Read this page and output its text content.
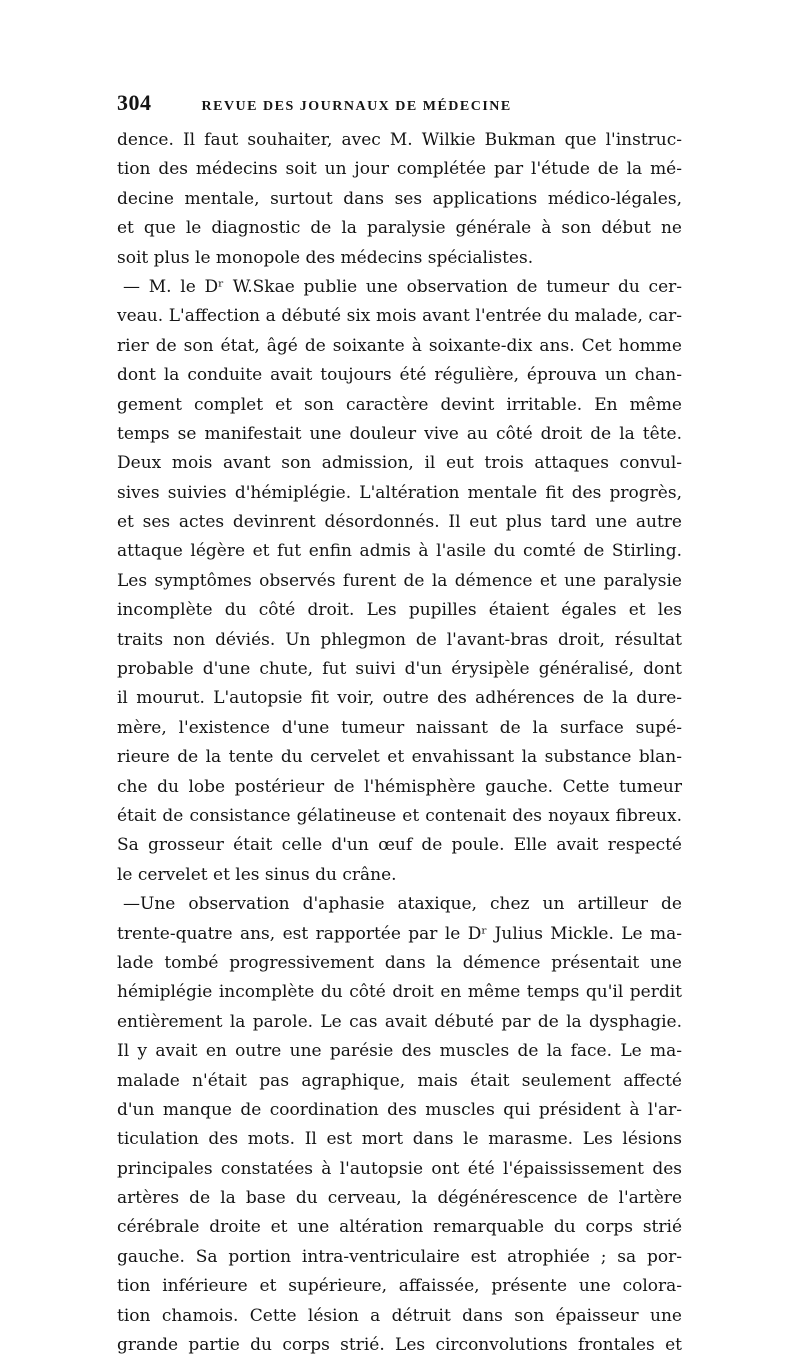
304	REVUE DES JOURNAUX DE MÉDECINE
dence. Il faut souhaiter, avec M. Wilkie Bukman que l'instruc-
tion des médecins soit un jour complétée par l'étude de la mé-
decine mentale, surtout dans ses applications médico-légales,
et que le diagnostic de la paralysie générale à son début ne
soit plus le monopole des médecins spécialistes.
— M. le Dʳ W.Skae publie une observation de tumeur du cer-
veau. L'affection a débuté six mois avant l'entrée du malade, car-
rier de son état, âgé de soixante à soixante-dix ans. Cet homme
dont la conduite avait toujours été régulière, éprouva un chan-
gement complet et son caractère devint irritable. En même
temps se manifestait une douleur vive au côté droit de la tête.
Deux mois avant son admission, il eut trois attaques convul-
sives suivies d'hémiplégie. L'altération mentale fit des progrès,
et ses actes devinrent désordonnés. Il eut plus tard une autre
attaque légère et fut enfin admis à l'asile du comté de Stirling.
Les symptômes observés furent de la démence et une paralysie
incomplète du côté droit. Les pupilles étaient égales et les
traits non déviés. Un phlegmon de l'avant-bras droit, résultat
probable d'une chute, fut suivi d'un érysipèle généralisé, dont
il mourut. L'autopsie fit voir, outre des adhérences de la dure-
mère, l'existence d'une tumeur naissant de la surface supé-
rieure de la tente du cervelet et envahissant la substance blan-
che du lobe postérieur de l'hémisphère gauche. Cette tumeur
était de consistance gélatineuse et contenait des noyaux fibreux.
Sa grosseur était celle d'un œuf de poule. Elle avait respecté
le cervelet et les sinus du crâne.
—Une observation d'aphasie ataxique, chez un artilleur de
trente-quatre ans, est rapportée par le Dʳ Julius Mickle. Le ma-
lade tombé progressivement dans la démence présentait une
hémiplégie incomplète du côté droit en même temps qu'il perdit
entièrement la parole. Le cas avait débuté par de la dysphagie.
Il y avait en outre une parésie des muscles de la face. Le ma-
malade n'était pas agraphique, mais était seulement affecté
d'un manque de coordination des muscles qui président à l'ar-
ticulation des mots. Il est mort dans le marasme. Les lésions
principales constatées à l'autopsie ont été l'épaississement des
artères de la base du cerveau, la dégénérescence de l'artère
cérébrale droite et une altération remarquable du corps strié
gauche. Sa portion intra-ventriculaire est atrophiée ; sa por-
tion inférieure et supérieure, affaissée, présente une colora-
tion chamois. Cette lésion a détruit dans son épaisseur une
grande partie du corps strié. Les circonvolutions frontales et
